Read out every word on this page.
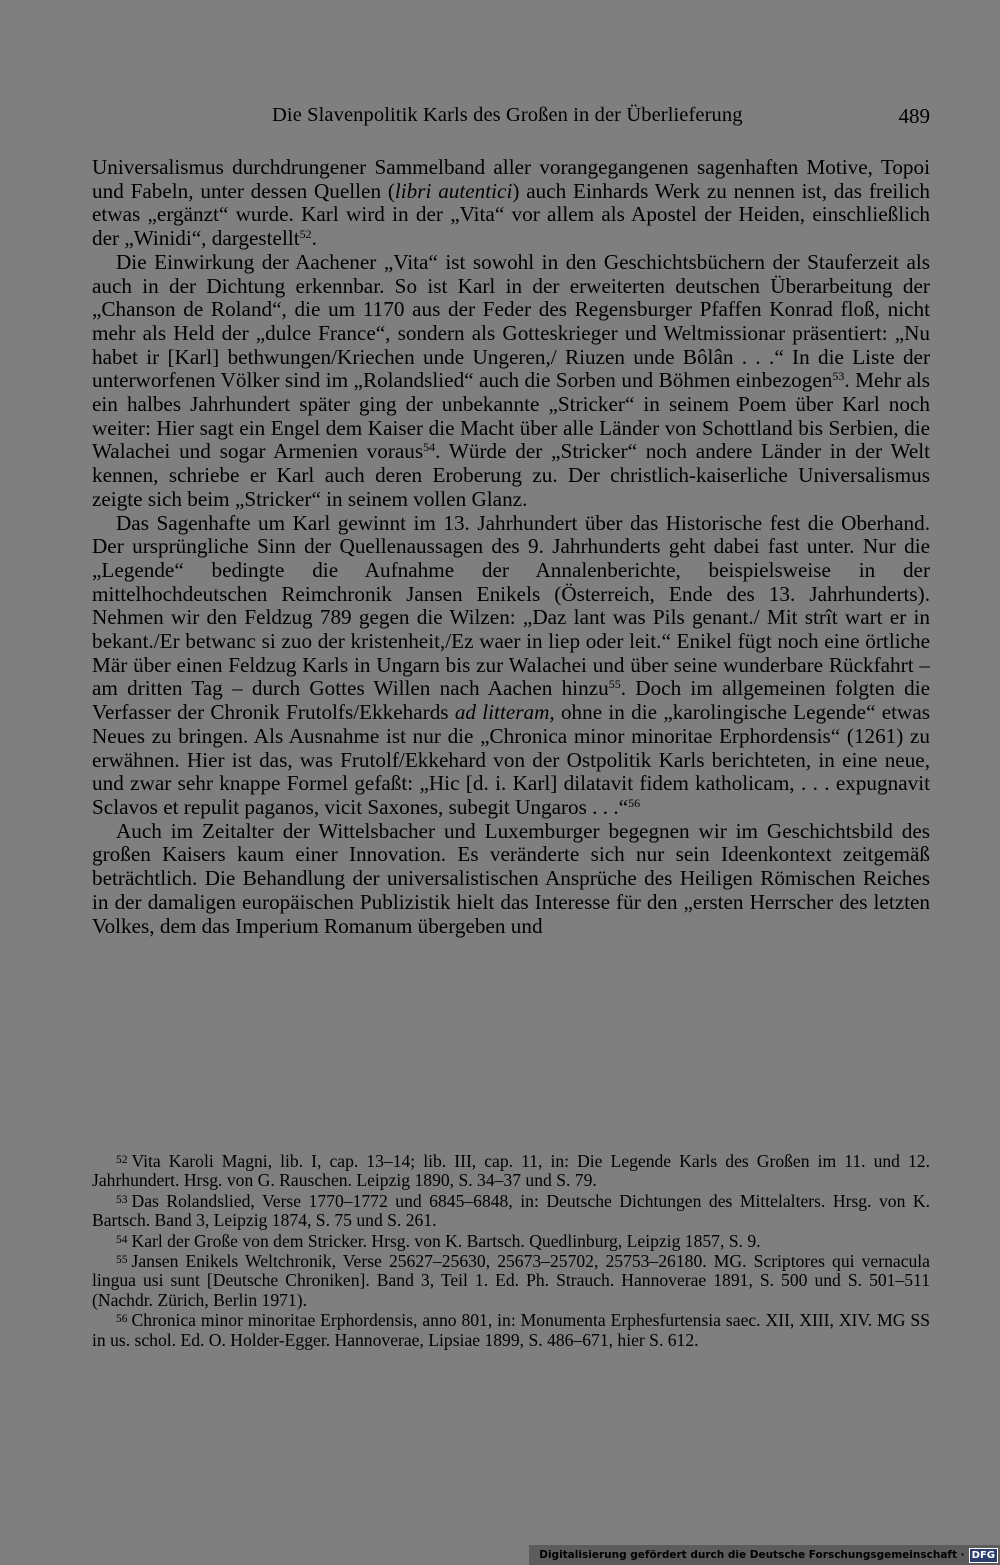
Die Slavenpolitik Karls des Großen in der Überlieferung	489

Universalismus durchdrungener Sammelband aller vorangegangenen sagenhaften Motive, Topoi und Fabeln, unter dessen Quellen (libri autentici) auch Einhards Werk zu nennen ist, das freilich etwas „ergänzt“ wurde. Karl wird in der „Vita“ vor allem als Apostel der Heiden, einschließlich der „Winidi“, dargestellt$^{52}$.

Die Einwirkung der Aachener „Vita“ ist sowohl in den Geschichtsbüchern der Stauferzeit als auch in der Dichtung erkennbar. So ist Karl in der erweiterten deutschen Überarbeitung der „Chanson de Roland“, die um 1170 aus der Feder des Regensburger Pfaffen Konrad floß, nicht mehr als Held der „dulce France“, sondern als Gotteskrieger und Weltmissionar präsentiert: „Nu habet ir [Karl] bethwungen/Kriechen unde Ungeren,/ Riuzen unde Bôlân . . .“ In die Liste der unterworfenen Völker sind im „Rolandslied“ auch die Sorben und Böhmen einbezogen$^{53}$. Mehr als ein halbes Jahrhundert später ging der unbekannte „Stricker“ in seinem Poem über Karl noch weiter: Hier sagt ein Engel dem Kaiser die Macht über alle Länder von Schottland bis Serbien, die Walachei und sogar Armenien voraus$^{54}$. Würde der „Stricker“ noch andere Länder in der Welt kennen, schriebe er Karl auch deren Eroberung zu. Der christlich-kaiserliche Universalismus zeigte sich beim „Stricker“ in seinem vollen Glanz.

Das Sagenhafte um Karl gewinnt im 13. Jahrhundert über das Historische fest die Oberhand. Der ursprüngliche Sinn der Quellenaussagen des 9. Jahrhunderts geht dabei fast unter. Nur die „Legende“ bedingte die Aufnahme der Annalenberichte, beispielsweise in der mittelhochdeutschen Reimchronik Jansen Enikels (Österreich, Ende des 13. Jahrhunderts). Nehmen wir den Feldzug 789 gegen die Wilzen: „Daz lant was Pils genant./ Mit strît wart er in bekant./Er betwanc si zuo der kristenheit,/Ez waer in liep oder leit.“ Enikel fügt noch eine örtliche Mär über einen Feldzug Karls in Ungarn bis zur Walachei und über seine wunderbare Rückfahrt – am dritten Tag – durch Gottes Willen nach Aachen hinzu$^{55}$. Doch im allgemeinen folgten die Verfasser der Chronik Frutolfs/Ekkehards ad litteram, ohne in die „karolingische Legende“ etwas Neues zu bringen. Als Ausnahme ist nur die „Chronica minor minoritae Erphordensis“ (1261) zu erwähnen. Hier ist das, was Frutolf/Ekkehard von der Ostpolitik Karls berichteten, in eine neue, und zwar sehr knappe Formel gefaßt: „Hic [d. i. Karl] dilatavit fidem katholicam, . . . expugnavit Sclavos et repulit paganos, vicit Saxones, subegit Ungaros . . .“$^{56}$

Auch im Zeitalter der Wittelsbacher und Luxemburger begegnen wir im Geschichtsbild des großen Kaisers kaum einer Innovation. Es veränderte sich nur sein Ideenkontext zeitgemäß beträchtlich. Die Behandlung der universalistischen Ansprüche des Heiligen Römischen Reiches in der damaligen europäischen Publizistik hielt das Interesse für den „ersten Herrscher des letzten Volkes, dem das Imperium Romanum übergeben und

$^{52}$ Vita Karoli Magni, lib. I, cap. 13–14; lib. III, cap. 11, in: Die Legende Karls des Großen im 11. und 12. Jahrhundert. Hrsg. von G. Rauschen. Leipzig 1890, S. 34–37 und S. 79.

$^{53}$ Das Rolandslied, Verse 1770–1772 und 6845–6848, in: Deutsche Dichtungen des Mittelalters. Hrsg. von K. Bartsch. Band 3, Leipzig 1874, S. 75 und S. 261.

$^{54}$ Karl der Große von dem Stricker. Hrsg. von K. Bartsch. Quedlinburg, Leipzig 1857, S. 9.

$^{55}$ Jansen Enikels Weltchronik, Verse 25627–25630, 25673–25702, 25753–26180. MG. Scriptores qui vernacula lingua usi sunt [Deutsche Chroniken]. Band 3, Teil 1. Ed. Ph. Strauch. Hannoverae 1891, S. 500 und S. 501–511 (Nachdr. Zürich, Berlin 1971).

$^{56}$ Chronica minor minoritae Erphordensis, anno 801, in: Monumenta Erphesfurtensia saec. XII, XIII, XIV. MG SS in us. schol. Ed. O. Holder-Egger. Hannoverae, Lipsiae 1899, S. 486–671, hier S. 612.

Digitalisierung gefördert durch die Deutsche Forschungsgemeinschaft · DFG
